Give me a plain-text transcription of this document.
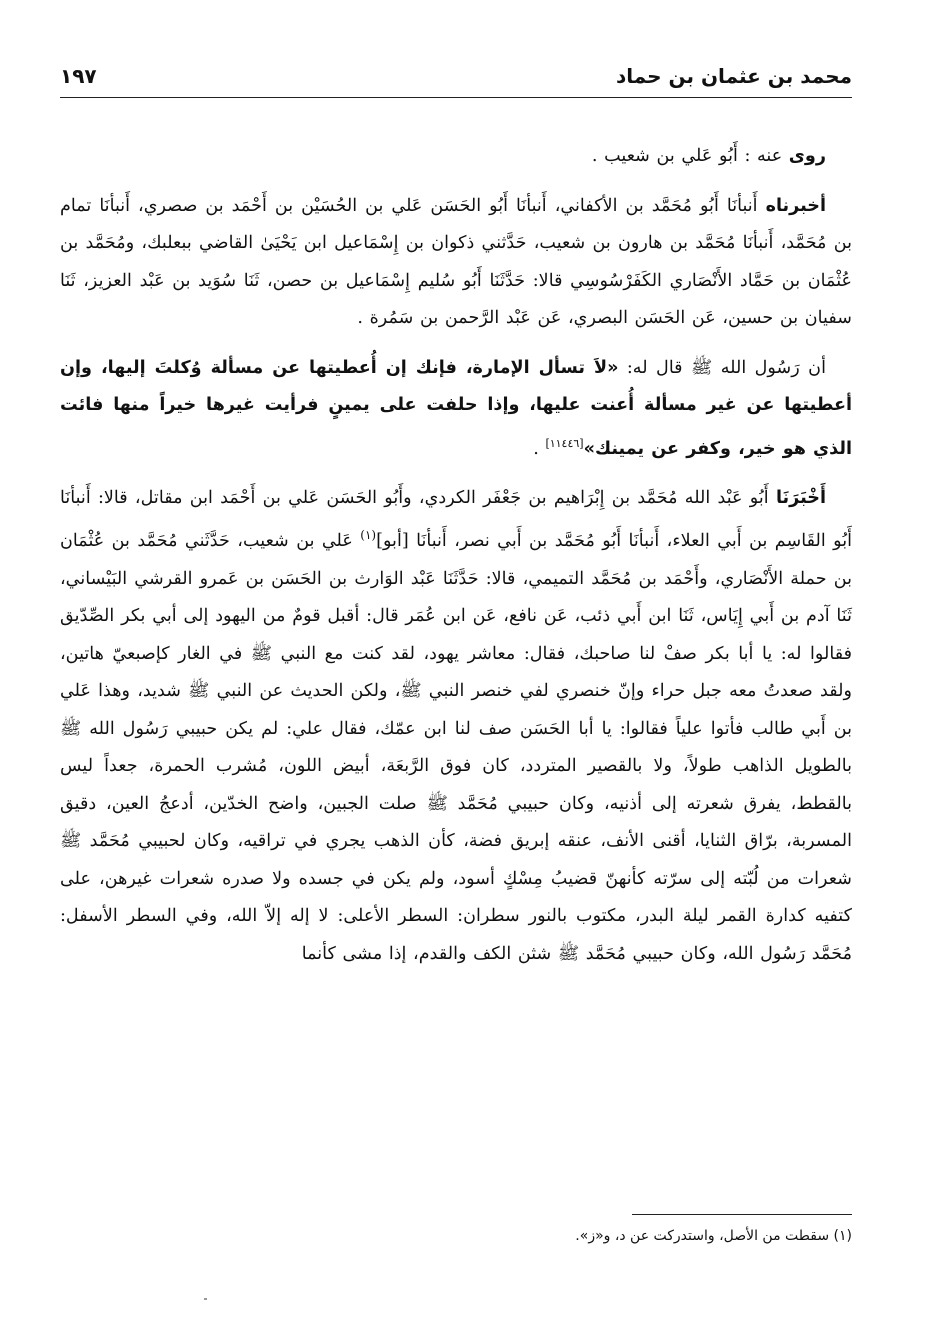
محمد بن عثمان بن حماد
١٩٧

روى عنه : أَبُو عَلي بن شعيب .

أخبرناه أَنبأنَا أَبُو مُحَمَّد بن الأكفاني، أَنبأنَا أَبُو الحَسَن عَلي بن الحُسَيْن بن أَحْمَد بن صصري، أَنبأنَا تمام بن مُحَمَّد، أَنبأنَا مُحَمَّد بن هارون بن شعيب، حَدَّثني ذكوان بن إِسْمَاعيل ابن يَحْيَىٰ القاضي ببعلبك، ومُحَمَّد بن عُثْمَان بن حَمَّاد الأَنْصَاري الكَفَرْسُوسِي قالا: حَدَّثَنَا أَبُو سُليم إِسْمَاعيل بن حصن، ثَنَا سُوَيد بن عَبْد العزيز، ثَنَا سفيان بن حسين، عَن الحَسَن البصري، عَن عَبْد الرَّحمن بن سَمُرة .

أن رَسُول الله ﷺ قال له: «لاَ تسأل الإمارة، فإنك إن أُعطيتها عن مسألة وُكلتَ إليها، وإن أعطيتها عن غير مسألة أُعنت عليها، وإذا حلفت على يمينٍ فرأيت غيرها خيراً منها فائت الذي هو خير، وكفر عن يمينك»[١١٤٤٦] .

أَخْبَرَنَا أَبُو عَبْد الله مُحَمَّد بن إِبْرَاهيم بن جَعْفَر الكردي، وأَبُو الحَسَن عَلي بن أَحْمَد ابن مقاتل، قالا: أَنبأنَا أَبُو القَاسِم بن أَبي العلاء، أَنبأنَا أَبُو مُحَمَّد بن أَبي نصر، أَنبأنَا [أبو]$^{(١)}$ عَلي بن شعيب، حَدَّثَني مُحَمَّد بن عُثْمَان بن حملة الأَنْصَاري، وأَحْمَد بن مُحَمَّد التميمي، قالا: حَدَّثَنَا عَبْد الوَارث بن الحَسَن بن عَمرو القرشي البَيْساني، ثَنَا آدم بن أَبي إِيَاس، ثَنَا ابن أَبي ذئب، عَن نافع، عَن ابن عُمَر قال: أقبل قومٌ من اليهود إلى أبي بكر الصِّدّيق فقالوا له: يا أبا بكر صفْ لنا صاحبك، فقال: معاشر يهود، لقد كنت مع النبي ﷺ في الغار كإصبعيّ هاتين، ولقد صعدتُ معه جبل حراء وإنّ خنصري لفي خنصر النبي ﷺ، ولكن الحديث عن النبي ﷺ شديد، وهذا عَلي بن أَبي طالب فأتوا علياً فقالوا: يا أبا الحَسَن صف لنا ابن عمّك، فقال علي: لم يكن حبيبي رَسُول الله ﷺ بالطويل الذاهب طولاً، ولا بالقصير المتردد، كان فوق الرَّبعَة، أبيض اللون، مُشرب الحمرة، جعداً ليس بالقطط، يفرق شعرته إلى أذنيه، وكان حبيبي مُحَمَّد ﷺ صلت الجبين، واضح الخدّين، أدعجُ العين، دقيق المسربة، برّاق الثنايا، أقنى الأنف، عنقه إبريق فضة، كأن الذهب يجري في تراقيه، وكان لحبيبي مُحَمَّد ﷺ شعرات من لُبّته إلى سرّته كأنهنّ قضيبُ مِسْكٍ أسود، ولم يكن في جسده ولا صدره شعرات غيرهن، على كتفيه كدارة القمر ليلة البدر، مكتوب بالنور سطران: السطر الأعلى: لا إله إلاّ الله، وفي السطر الأسفل: مُحَمَّد رَسُول الله، وكان حبيبي مُحَمَّد ﷺ شثن الكف والقدم، إذا مشى كأنما

(١) سقطت من الأصل، واستدركت عن د، و«ز».
